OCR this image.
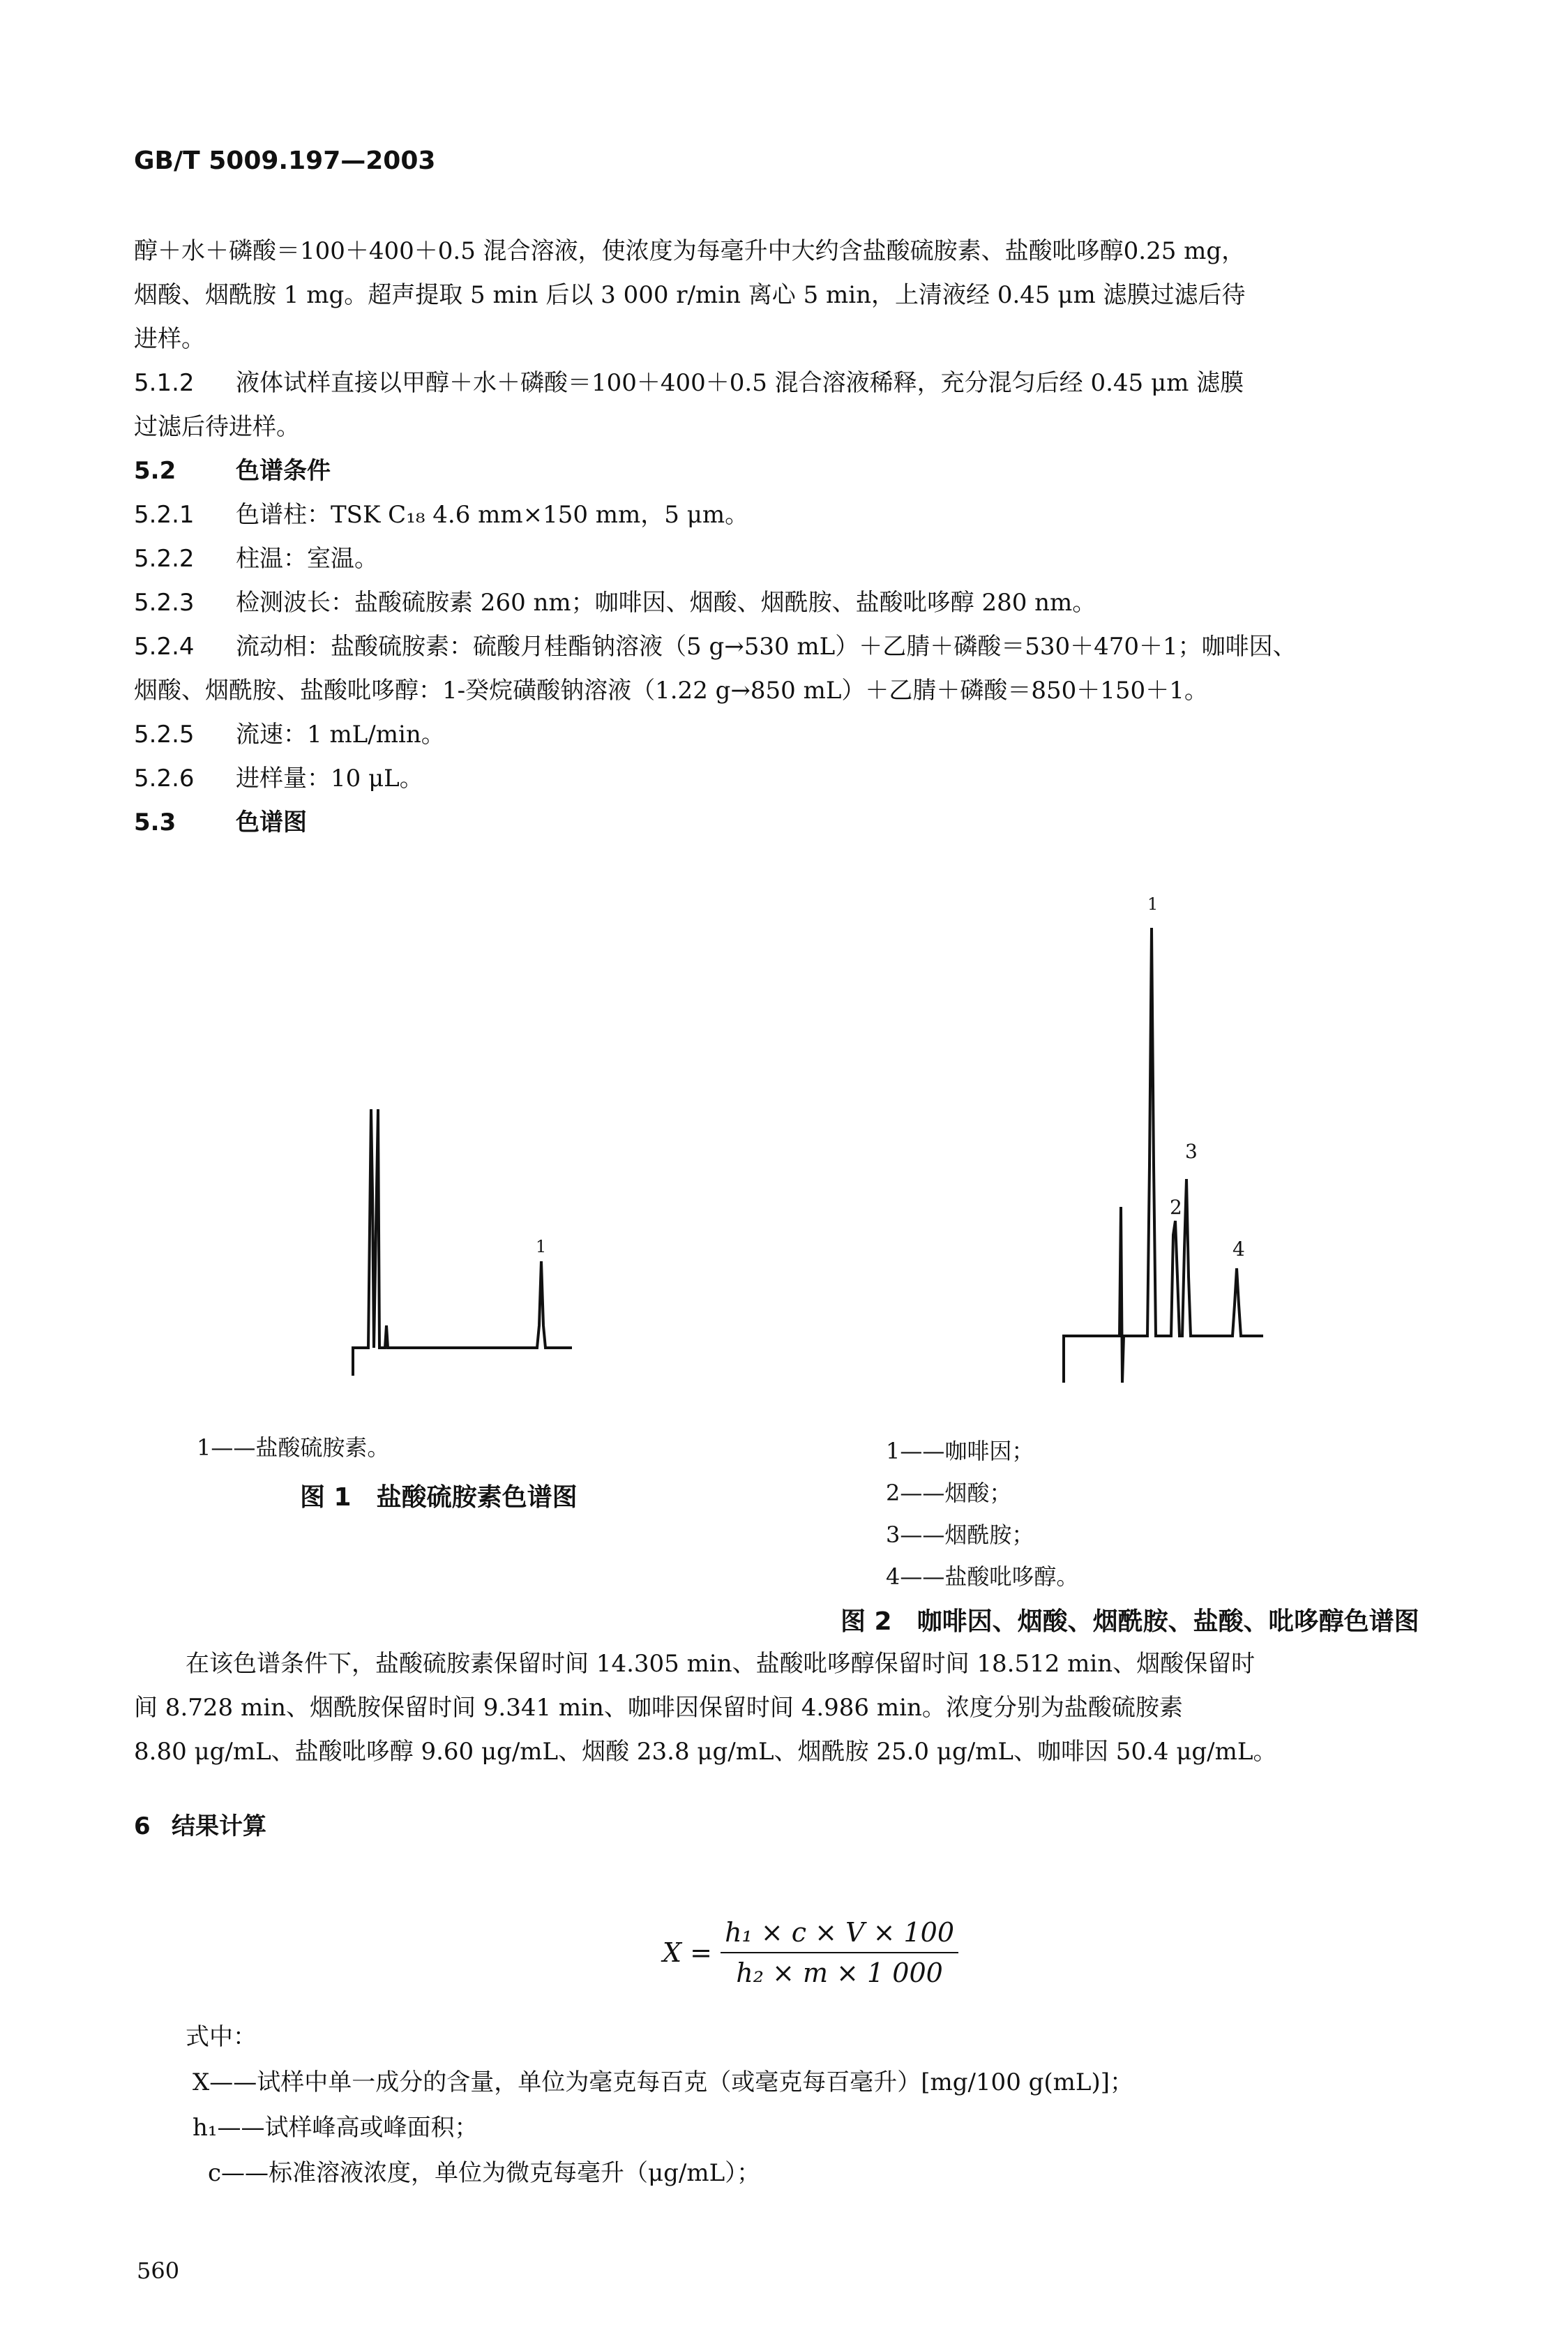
GB/T 5009.197—2003
醇＋水＋磷酸＝100＋400＋0.5 混合溶液，使浓度为每毫升中大约含盐酸硫胺素、盐酸吡哆醇0.25 mg，
烟酸、烟酰胺 1 mg。超声提取 5 min 后以 3 000 r/min 离心 5 min，上清液经 0.45 μm 滤膜过滤后待
进样。
5.1.2 液体试样直接以甲醇＋水＋磷酸＝100＋400＋0.5 混合溶液稀释，充分混匀后经 0.45 μm 滤膜
过滤后待进样。
5.2	色谱条件
5.2.1 色谱柱：TSK C₁₈ 4.6 mm×150 mm，5 μm。
5.2.2 柱温：室温。
5.2.3 检测波长：盐酸硫胺素 260 nm；咖啡因、烟酸、烟酰胺、盐酸吡哆醇 280 nm。
5.2.4 流动相：盐酸硫胺素：硫酸月桂酯钠溶液（5 g→530 mL）＋乙腈＋磷酸＝530＋470＋1；咖啡因、
烟酸、烟酰胺、盐酸吡哆醇：1-癸烷磺酸钠溶液（1.22 g→850 mL）＋乙腈＋磷酸＝850＋150＋1。
5.2.5 流速：1 mL/min。
5.2.6 进样量：10 μL。
5.3	色谱图
1
1
2
3
4
1——盐酸硫胺素。
图 1　盐酸硫胺素色谱图
1——咖啡因；
2——烟酸；
3——烟酰胺；
4——盐酸吡哆醇。
图 2　咖啡因、烟酸、烟酰胺、盐酸、吡哆醇色谱图
在该色谱条件下，盐酸硫胺素保留时间 14.305 min、盐酸吡哆醇保留时间 18.512 min、烟酸保留时
间 8.728 min、烟酰胺保留时间 9.341 min、咖啡因保留时间 4.986 min。浓度分别为盐酸硫胺素
8.80 μg/mL、盐酸吡哆醇 9.60 μg/mL、烟酸 23.8 μg/mL、烟酰胺 25.0 μg/mL、咖啡因 50.4 μg/mL。
6 结果计算
$X = \frac{\text{h₁ × c × V × 100}}{\text{h₂ × m × 1 000}}$
式中：
X——试样中单一成分的含量，单位为毫克每百克（或毫克每百毫升）[mg/100 g(mL)]；
h₁——试样峰高或峰面积；
c——标准溶液浓度，单位为微克每毫升（μg/mL）；
560
